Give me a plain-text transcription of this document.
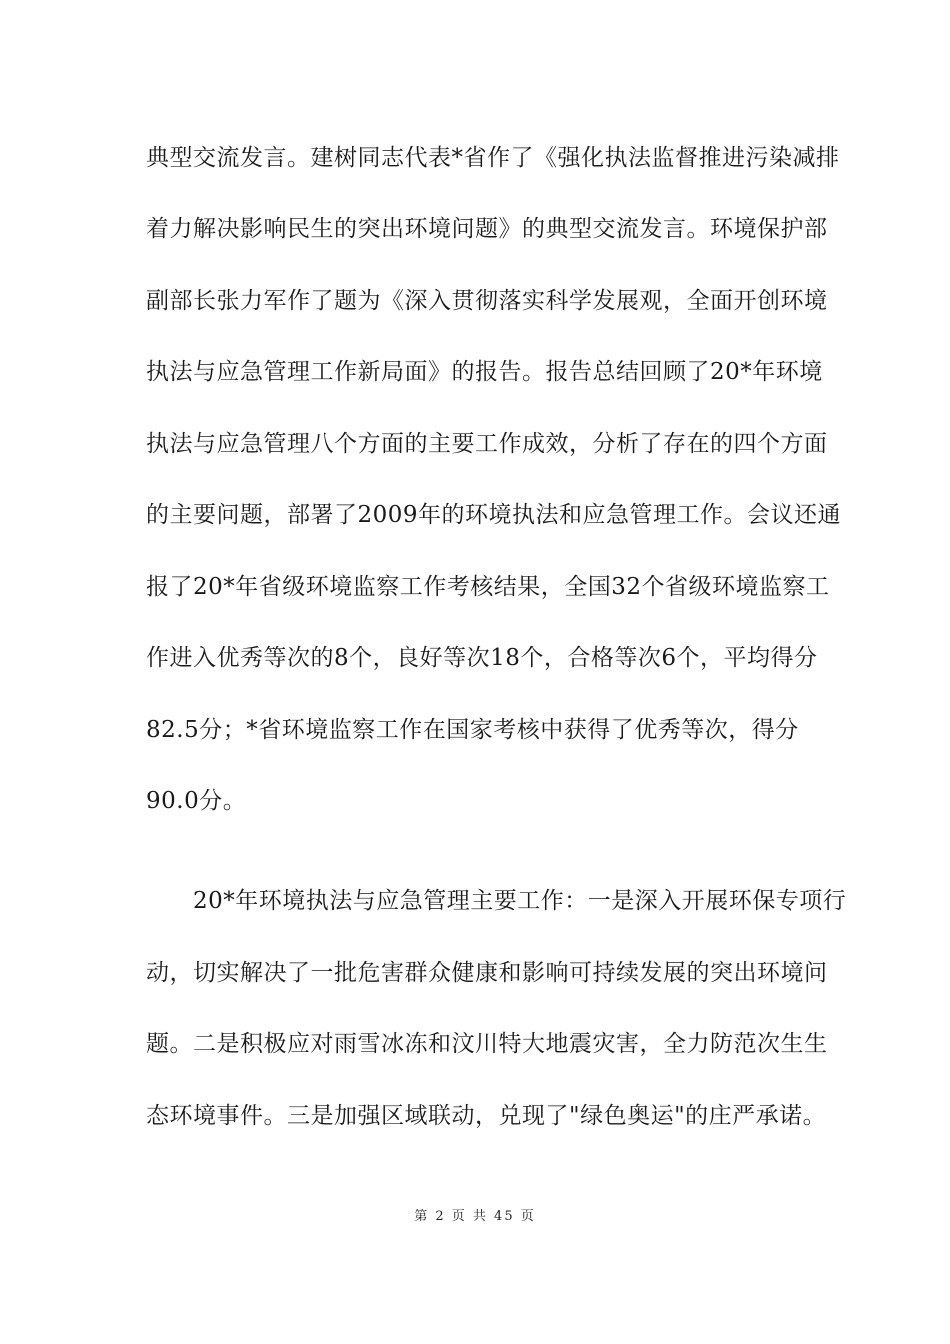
典型交流发言。建树同志代表*省作了《强化执法监督推进污染减排
着力解决影响民生的突出环境问题》的典型交流发言。环境保护部
副部长张力军作了题为《深入贯彻落实科学发展观，全面开创环境
执法与应急管理工作新局面》的报告。报告总结回顾了20*年环境
执法与应急管理八个方面的主要工作成效，分析了存在的四个方面
的主要问题，部署了2009年的环境执法和应急管理工作。会议还通
报了20*年省级环境监察工作考核结果，全国32个省级环境监察工
作进入优秀等次的8个，良好等次18个，合格等次6个，平均得分
82.5分；*省环境监察工作在国家考核中获得了优秀等次，得分
90.0分。
20*年环境执法与应急管理主要工作：一是深入开展环保专项行
动，切实解决了一批危害群众健康和影响可持续发展的突出环境问
题。二是积极应对雨雪冰冻和汶川特大地震灾害，全力防范次生生
态环境事件。三是加强区域联动，兑现了"绿色奥运"的庄严承诺。
第 2 页 共 45 页
